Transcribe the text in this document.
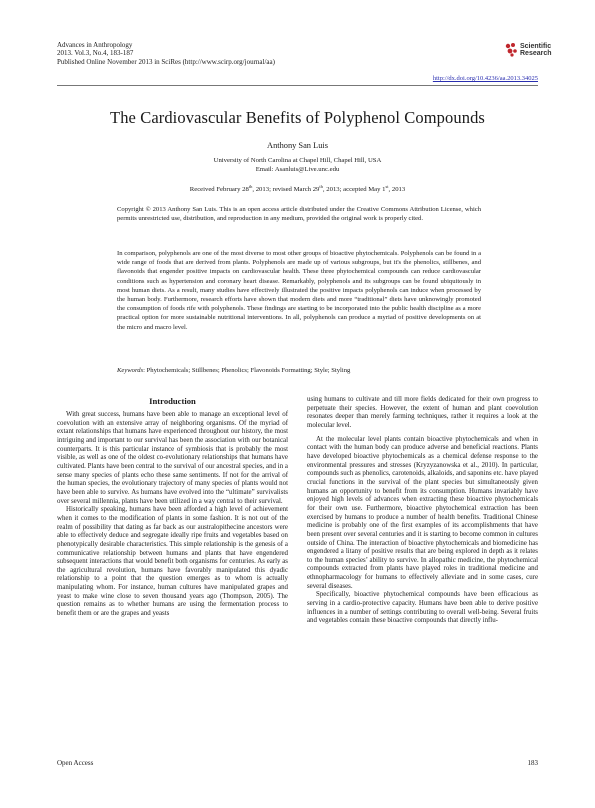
Advances in Anthropology
2013. Vol.3, No.4, 183-187
Published Online November 2013 in SciRes (http://www.scirp.org/journal/aa)
Scientific
Research
http://dx.doi.org/10.4236/aa.2013.34025
The Cardiovascular Benefits of Polyphenol Compounds
Anthony San Luis
University of North Carolina at Chapel Hill, Chapel Hill, USA
Email: Asanluis@Live.unc.edu
Received February 28th, 2013; revised March 29th, 2013; accepted May 1st, 2013
Copyright © 2013 Anthony San Luis. This is an open access article distributed under the Creative Commons Attribution License, which permits unrestricted use, distribution, and reproduction in any medium, provided the original work is properly cited.
In comparison, polyphenols are one of the most diverse to most other groups of bioactive phytochemicals. Polyphenols can be found in a wide range of foods that are derived from plants. Polyphenols are made up of various subgroups, but it's the phenolics, stillbenes, and flavonoids that engender positive impacts on cardiovascular health. These three phytochemical compounds can reduce cardiovascular conditions such as hypertension and coronary heart disease. Remarkably, polyphenols and its subgroups can be found ubiquitously in most human diets. As a result, many studies have effectively illustrated the positive impacts polyphenols can induce when processed by the human body. Furthermore, research efforts have shown that modern diets and more “traditional” diets have unknowingly promoted the consumption of foods rife with polyphenols. These findings are starting to be incorporated into the public health discipline as a more practical option for more sustainable nutritional interventions. In all, polyphenols can produce a myriad of positive developments on at the micro and macro level.
Keywords: Phytochemicals; Stillbenes; Phenolics; Flavonoids Formatting; Style; Styling
Introduction

With great success, humans have been able to manage an exceptional level of coevolution with an extensive array of neighboring organisms. Of the myriad of extant relationships that humans have experienced throughout our history, the most intriguing and important to our survival has been the association with our botanical counterparts. It is this particular instance of symbiosis that is probably the most visible, as well as one of the oldest co-evolutionary relationships that humans have cultivated. Plants have been central to the survival of our ancestral species, and in a sense many species of plants echo these same sentiments. If not for the arrival of the human species, the evolutionary trajectory of many species of plants would not have been able to survive. As humans have evolved into the “ultimate” survivalists over several millennia, plants have been utilized in a way central to their survival.

Historically speaking, humans have been afforded a high level of achievement when it comes to the modification of plants in some fashion. It is not out of the realm of possibility that dating as far back as our australopithecine ancestors were able to effectively deduce and segregate ideally ripe fruits and vegetables based on phenotypically desirable characteristics. This simple relationship is the genesis of a communicative relationship between humans and plants that have engendered subsequent interactions that would benefit both organisms for centuries. As early as the agricultural revolution, humans have favorably manipulated this dyadic relationship to a point that the question emerges as to whom is actually manipulating whom. For instance, human cultures have manipulated grapes and yeast to make wine close to seven thousand years ago (Thompson, 2005). The question remains as to whether humans are using the fermentation process to benefit them or are the grapes and yeasts

using humans to cultivate and till more fields dedicated for their own progress to perpetuate their species. However, the extent of human and plant coevolution resonates deeper than merely farming techniques, rather it requires a look at the molecular level.

At the molecular level plants contain bioactive phytochemicals and when in contact with the human body can produce adverse and beneficial reactions. Plants have developed bioactive phytochemicals as a chemical defense response to the environmental pressures and stresses (Kryzyzanowska et al., 2010). In particular, compounds such as phenolics, carotenoids, alkaloids, and saponins etc. have played crucial functions in the survival of the plant species but simultaneously given humans an opportunity to benefit from its consumption. Humans invariably have enjoyed high levels of advances when extracting these bioactive phytochemicals for their own use. Furthermore, bioactive phytochemical extraction has been exercised by humans to produce a number of health benefits. Traditional Chinese medicine is probably one of the first examples of its accomplishments that have been present over several centuries and it is starting to become common in cultures outside of China. The interaction of bioactive phytochemicals and biomedicine has engendered a litany of positive results that are being explored in depth as it relates to the human species’ ability to survive. In allopathic medicine, the phytochemical compounds extracted from plants have played roles in traditional medicine and ethnopharmacology for humans to effectively alleviate and in some cases, cure several diseases.

Specifically, bioactive phytochemical compounds have been efficacious as serving in a cardio-protective capacity. Humans have been able to derive positive influences in a number of settings contributing to overall well-being. Several fruits and vegetables contain these bioactive compounds that directly influ-

Open Access	183
